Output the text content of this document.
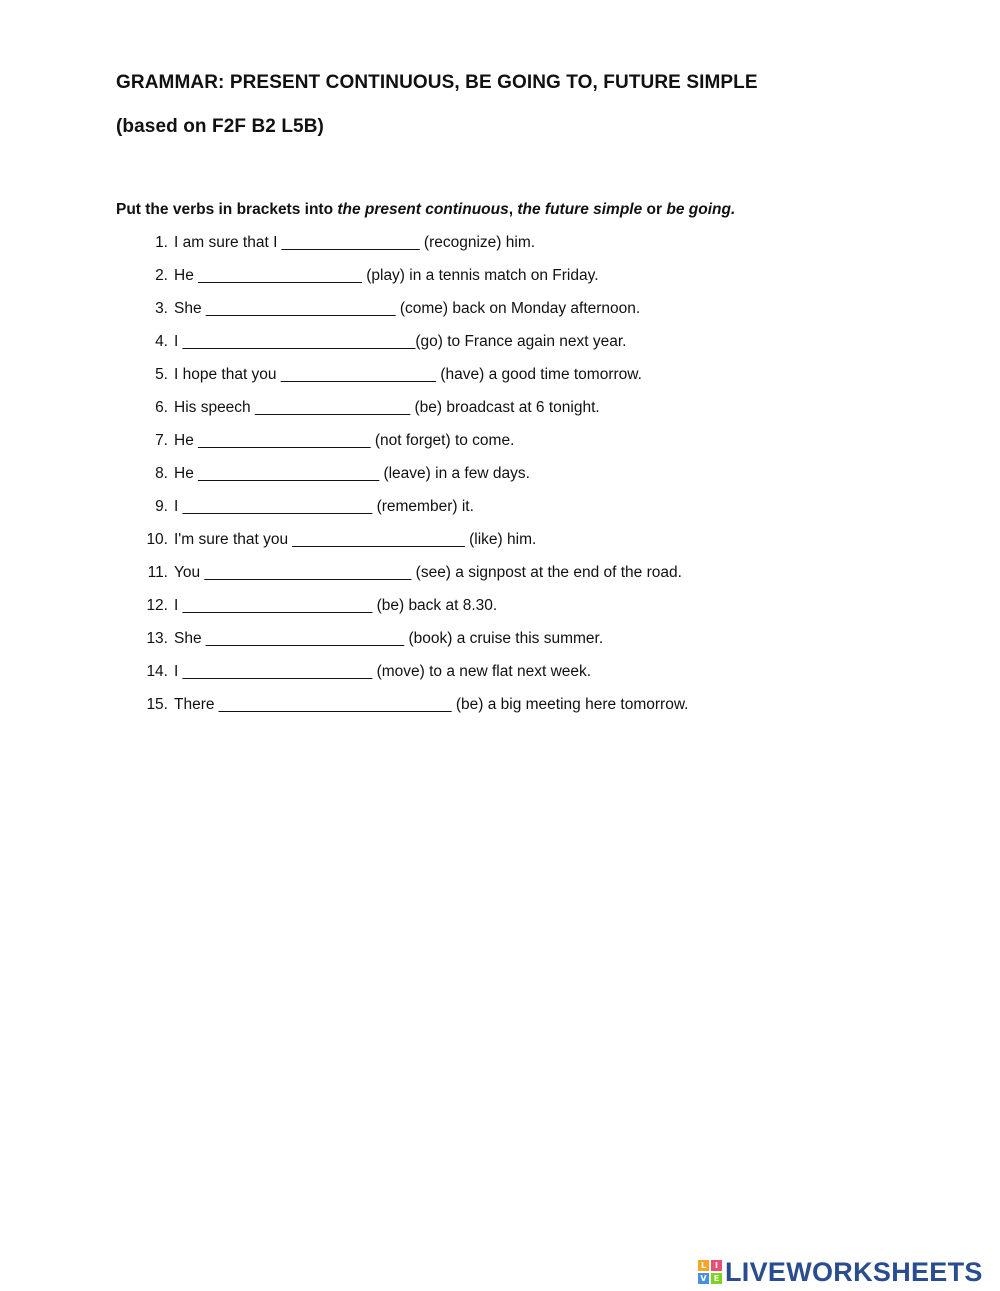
GRAMMAR: PRESENT CONTINUOUS, BE GOING TO, FUTURE SIMPLE
(based on F2F B2 L5B)
Put the verbs in brackets into the present continuous, the future simple or be going.
1. I am sure that I ________________ (recognize) him.
2. He ___________________ (play) in a tennis match on Friday.
3. She ______________________ (come) back on Monday afternoon.
4. I ___________________________(go) to France again next year.
5. I hope that you __________________ (have) a good time tomorrow.
6. His speech __________________ (be) broadcast at 6 tonight.
7. He ____________________ (not forget) to come.
8. He _____________________ (leave) in a few days.
9. I ______________________ (remember) it.
10. I'm sure that you ____________________ (like) him.
11. You ________________________ (see) a signpost at the end of the road.
12. I ______________________ (be) back at 8.30.
13. She _______________________ (book) a cruise this summer.
14. I ______________________ (move) to a new flat next week.
15. There ___________________________ (be) a big meeting here tomorrow.
L	I
V E LIVEWORKSHEETS
